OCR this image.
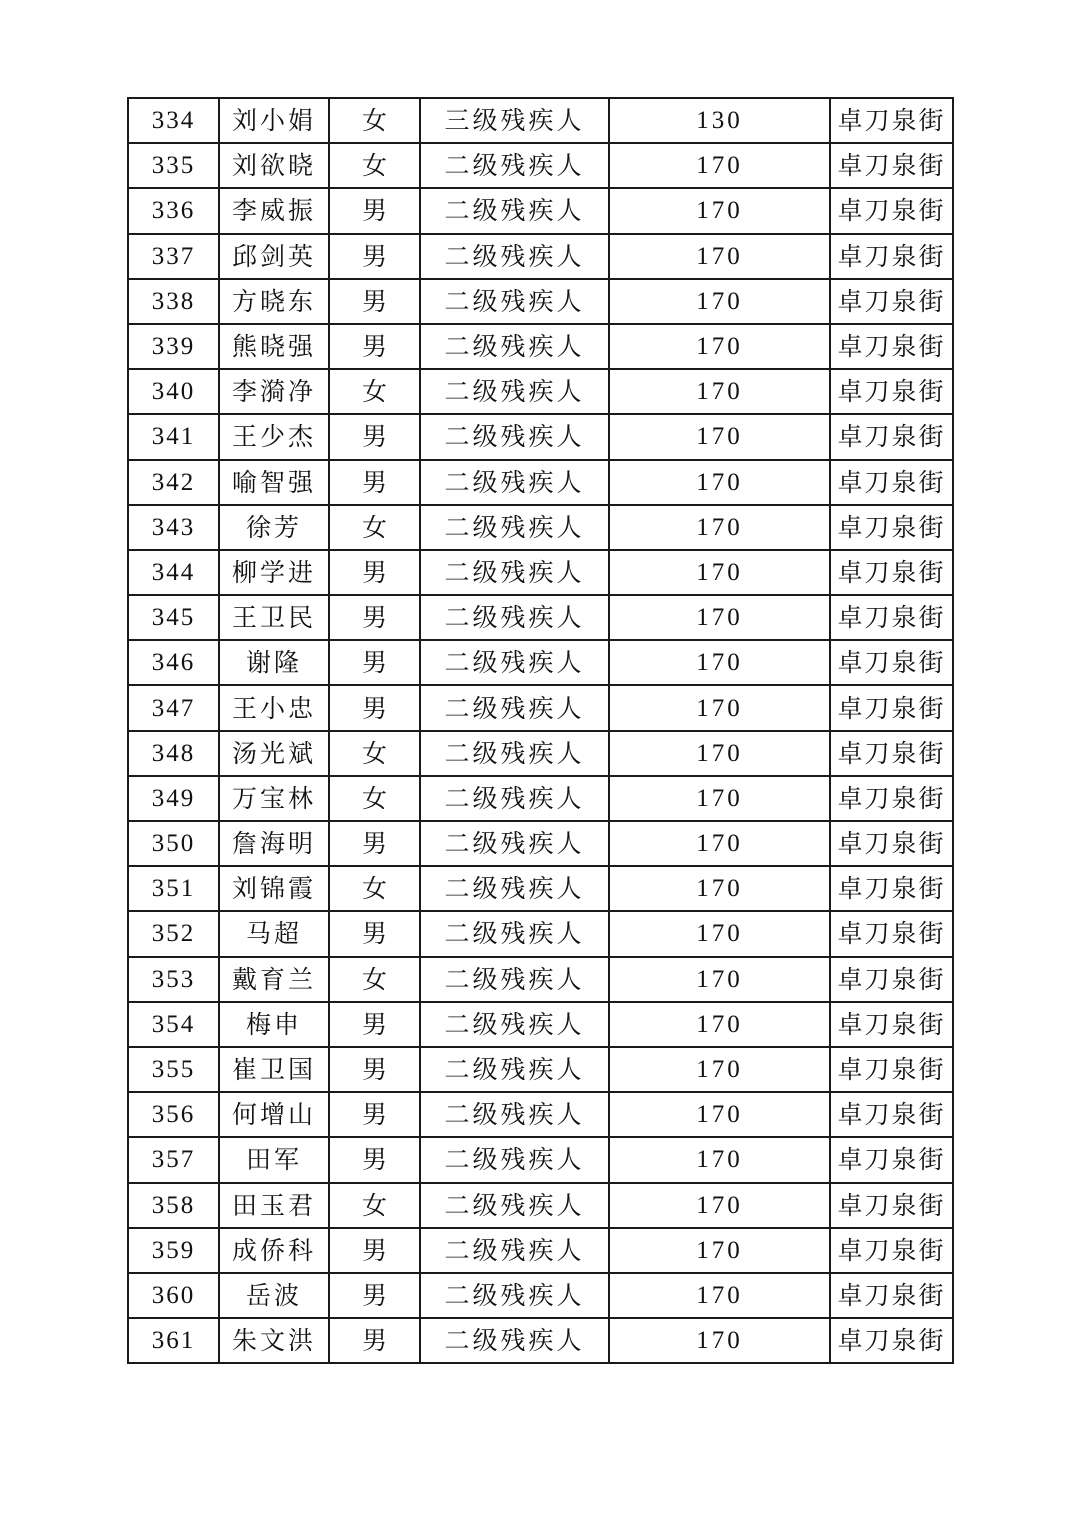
334	刘小娟	女	三级残疾人	130	卓刀泉街
335	刘欲晓	女	二级残疾人	170	卓刀泉街
336	李威振	男	二级残疾人	170	卓刀泉街
337	邱剑英	男	二级残疾人	170	卓刀泉街
338	方晓东	男	二级残疾人	170	卓刀泉街
339	熊晓强	男	二级残疾人	170	卓刀泉街
340	李漪净	女	二级残疾人	170	卓刀泉街
341	王少杰	男	二级残疾人	170	卓刀泉街
342	喻智强	男	二级残疾人	170	卓刀泉街
343	徐芳	女	二级残疾人	170	卓刀泉街
344	柳学进	男	二级残疾人	170	卓刀泉街
345	王卫民	男	二级残疾人	170	卓刀泉街
346	谢隆	男	二级残疾人	170	卓刀泉街
347	王小忠	男	二级残疾人	170	卓刀泉街
348	汤光斌	女	二级残疾人	170	卓刀泉街
349	万宝林	女	二级残疾人	170	卓刀泉街
350	詹海明	男	二级残疾人	170	卓刀泉街
351	刘锦霞	女	二级残疾人	170	卓刀泉街
352	马超	男	二级残疾人	170	卓刀泉街
353	戴育兰	女	二级残疾人	170	卓刀泉街
354	梅申	男	二级残疾人	170	卓刀泉街
355	崔卫国	男	二级残疾人	170	卓刀泉街
356	何增山	男	二级残疾人	170	卓刀泉街
357	田军	男	二级残疾人	170	卓刀泉街
358	田玉君	女	二级残疾人	170	卓刀泉街
359	成侨科	男	二级残疾人	170	卓刀泉街
360	岳波	男	二级残疾人	170	卓刀泉街
361	朱文洪	男	二级残疾人	170	卓刀泉街
